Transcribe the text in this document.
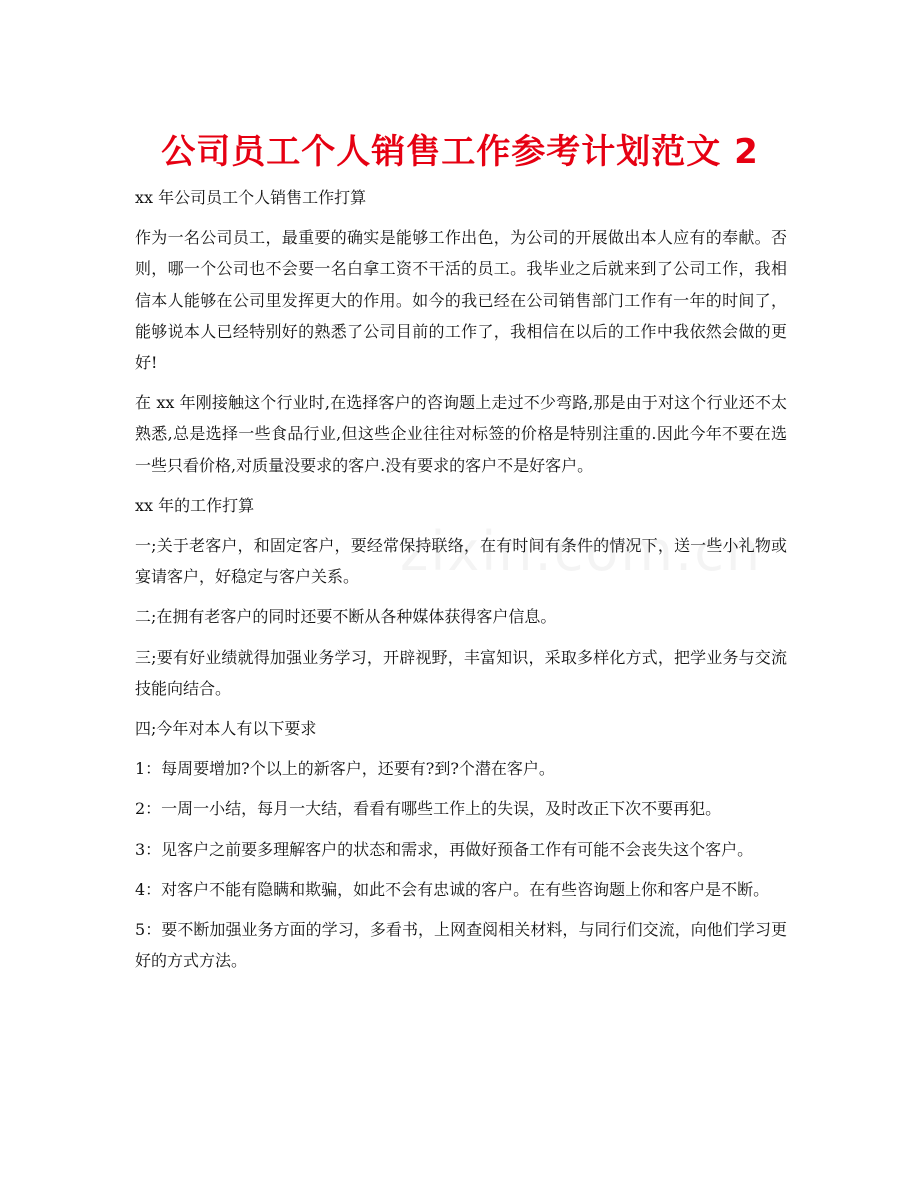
公司员工个人销售工作参考计划范文 2

xx 年公司员工个人销售工作打算

作为一名公司员工，最重要的确实是能够工作出色，为公司的开展做出本人应有的奉献。否则，哪一个公司也不会要一名白拿工资不干活的员工。我毕业之后就来到了公司工作，我相信本人能够在公司里发挥更大的作用。如今的我已经在公司销售部门工作有一年的时间了，能够说本人已经特别好的熟悉了公司目前的工作了，我相信在以后的工作中我依然会做的更好!

在 xx 年刚接触这个行业时,在选择客户的咨询题上走过不少弯路,那是由于对这个行业还不太熟悉,总是选择一些食品行业,但这些企业往往对标签的价格是特别注重的.因此今年不要在选一些只看价格,对质量没要求的客户.没有要求的客户不是好客户。

xx 年的工作打算

一;关于老客户，和固定客户，要经常保持联络，在有时间有条件的情况下，送一些小礼物或宴请客户，好稳定与客户关系。

二;在拥有老客户的同时还要不断从各种媒体获得客户信息。

三;要有好业绩就得加强业务学习，开辟视野，丰富知识，采取多样化方式，把学业务与交流技能向结合。

四;今年对本人有以下要求

1：每周要增加?个以上的新客户，还要有?到?个潜在客户。

2：一周一小结，每月一大结，看看有哪些工作上的失误，及时改正下次不要再犯。

3：见客户之前要多理解客户的状态和需求，再做好预备工作有可能不会丧失这个客户。

4：对客户不能有隐瞒和欺骗，如此不会有忠诚的客户。在有些咨询题上你和客户是不断。

5：要不断加强业务方面的学习，多看书，上网查阅相关材料，与同行们交流，向他们学习更好的方式方法。
